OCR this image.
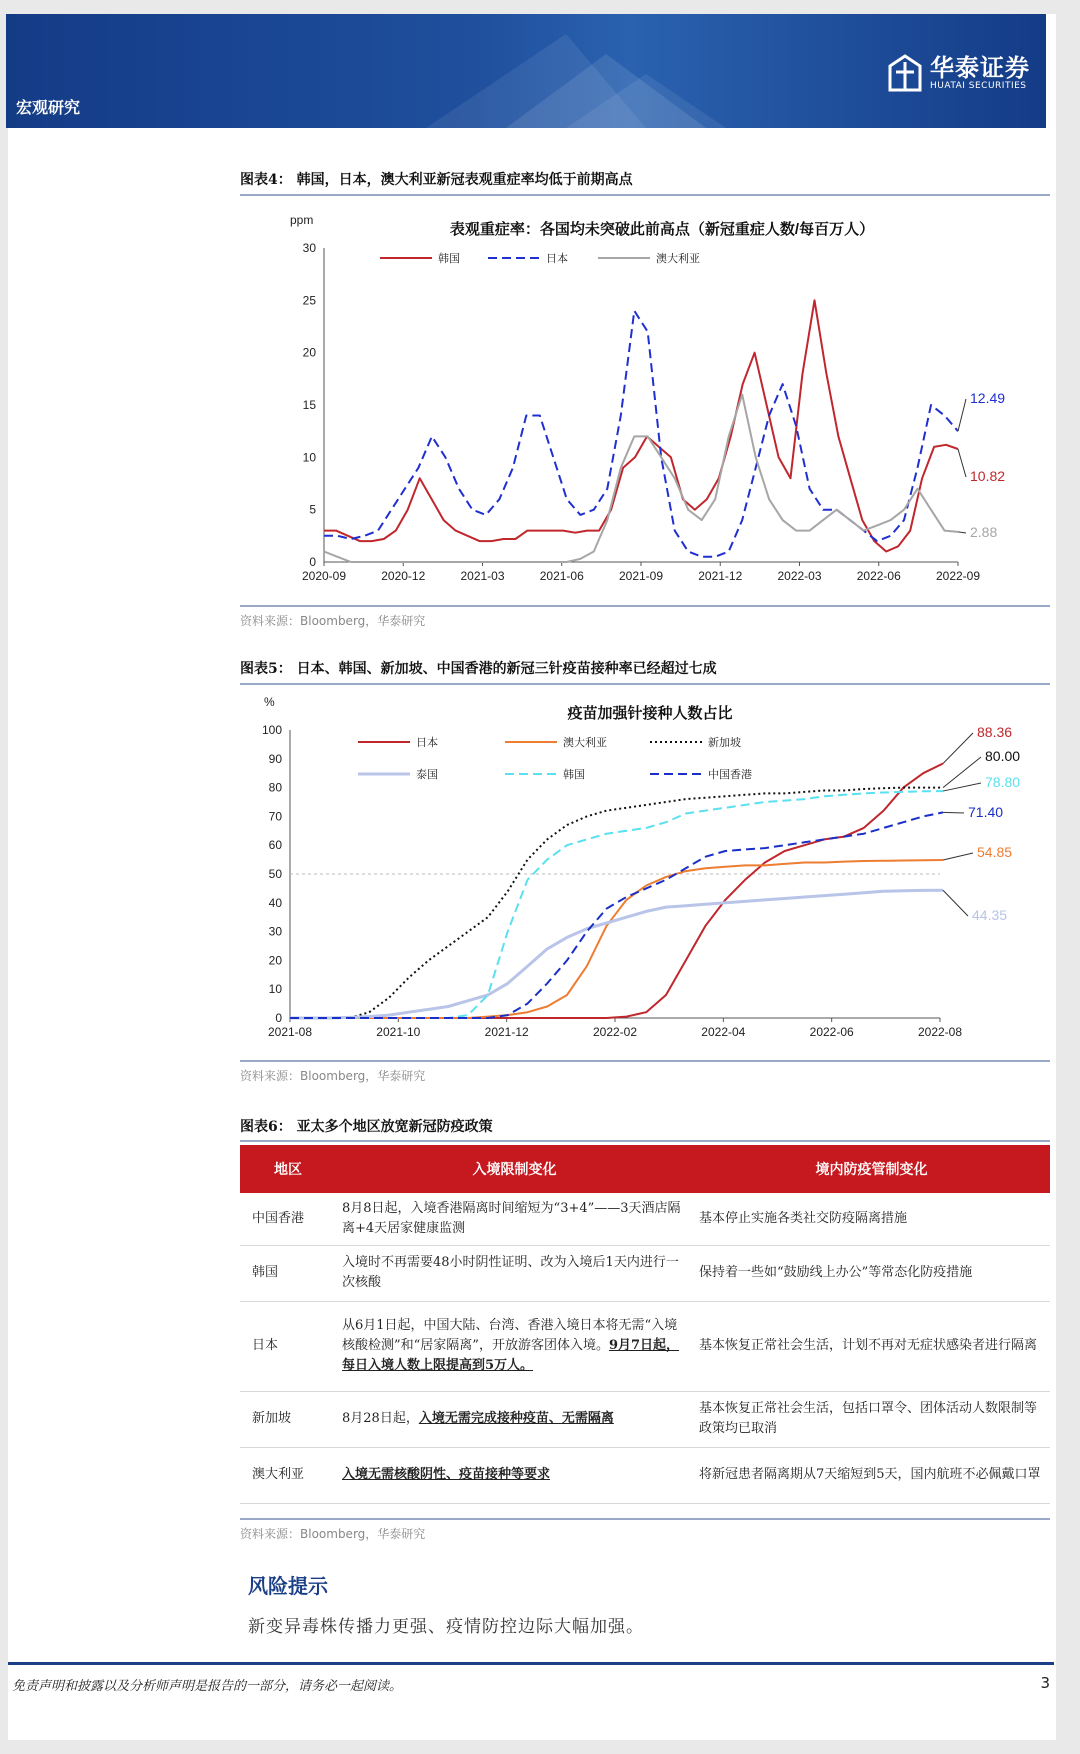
宏观研究
华泰证券
HUATAI SECURITIES
图表4： 韩国，日本，澳大利亚新冠表观重症率均低于前期高点
表观重症率：各国均未突破此前高点（新冠重症人数/每百万人）
ppm
0
5
10
15
20
25
30
2020-09	2020-12	2021-03	2021-06	2021-09	2021-12	2022-03	2022-06	2022-09
10.82
韩国
12.49
日本
2.88
澳大利亚
资料来源：Bloomberg，华泰研究
图表5： 日本、韩国、新加坡、中国香港的新冠三针疫苗接种率已经超过七成
疫苗加强针接种人数占比
%
0
10
20
30
40
50
60
70
80
90
100
2021-08	2021-10	2021-12	2022-02	2022-04	2022-06	2022-08
88.36
日本
54.85
澳大利亚
80.00
新加坡
44.35
泰国	78.80
韩国
71.40
中国香港
资料来源：Bloomberg，华泰研究
图表6： 亚太多个地区放宽新冠防疫政策
地区	入境限制变化	境内防疫管制变化
中国香港	8月8日起，入境香港隔离时间缩短为“3+4”——3天酒店隔离+4天居家健康监测	基本停止实施各类社交防疫隔离措施
韩国	入境时不再需要48小时阴性证明、改为入境后1天内进行一次核酸	保持着一些如“鼓励线上办公”等常态化防疫措施
日本	从6月1日起，中国大陆、台湾、香港入境日本将无需“入境核酸检测”和“居家隔离”，开放游客团体入境。9月7日起，每日入境人数上限提高到5万人。	基本恢复正常社会生活，计划不再对无症状感染者进行隔离
新加坡	8月28日起，入境无需完成接种疫苗、无需隔离	基本恢复正常社会生活，包括口罩令、团体活动人数限制等政策均已取消
澳大利亚	入境无需核酸阴性、疫苗接种等要求	将新冠患者隔离期从7天缩短到5天，国内航班不必佩戴口罩
资料来源：Bloomberg，华泰研究
风险提示
新变异毒株传播力更强、疫情防控边际大幅加强。
免责声明和披露以及分析师声明是报告的一部分，请务必一起阅读。	3
